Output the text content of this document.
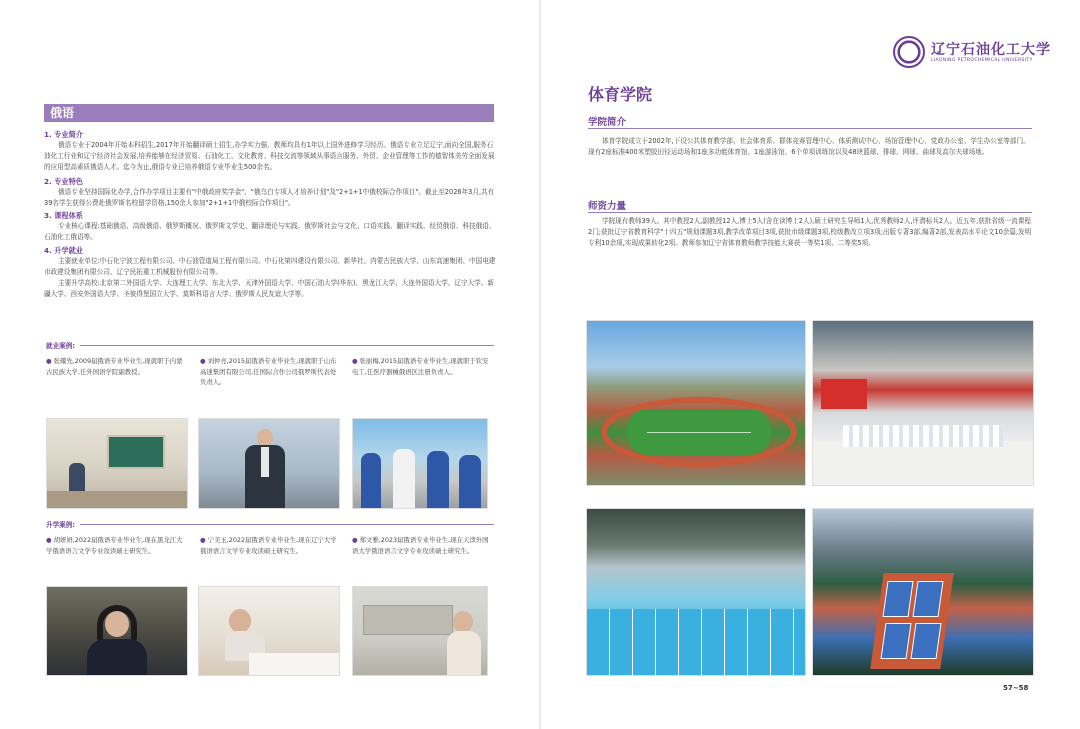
俄语
1. 专业简介
俄语专业于2004年开始本科招生,2017年开始翻译硕士招生,办学实力强、教师均具有1年以上国外进修学习经历。俄语专业立足辽宁,面向全国,服务石油化工行业和辽宁经济社会发展,培养能够在经济贸易、石油化工、文化教育、科技交流等领域从事语言服务、外贸、企业管理等工作的德智体美劳全面发展的应用型高素质俄语人才。迄今为止,俄语专业已培养俄语专业毕业生500余名。
2. 专业特色
俄语专业坚持国际化办学,合作办学项目主要有"中俄政府奖学金"、"俄乌白专项人才培养计划"及"2+1+1中俄校际合作项目"。截止至2026年3月,共有39名学生获得公费赴俄罗斯名校留学资格,150余人参加"2+1+1中俄校际合作项目"。
3. 课程体系
专业核心课程:基础俄语、高级俄语、俄罗斯概况、俄罗斯文学史、翻译理论与实践、俄罗斯社会与文化、口语实践、翻译实践、经贸俄语、科技俄语、石油化工俄语等。
4. 升学就业
主要就业单位:中石化宁波工程有限公司、中石油管道局工程有限公司、中石化第四建设有限公司、新华社、内蒙古民族大学、山东高速集团、中国电建市政建设集团有限公司、辽宁民拓重工机械股份有限公司等。
主要升学高校:北京第二外国语大学、大连理工大学、东北大学、天津外国语大学、中国石油大学(华东)、黑龙江大学、大连外国语大学、辽宁大学、新疆大学、西安外国语大学、圣彼得堡国立大学、莫斯科语言大学、俄罗斯人民友谊大学等。
就业案例:
● 张耀先,2009届俄语专业毕业生,现就职于内蒙古民族大学,任外国语学院副教授。
● 刘仲亮,2015届俄语专业毕业生,现就职于山东高速集团有限公司,任国际合作公司俄罗斯代表处负责人。
● 张丽梅,2015届俄语专业毕业生,现就职于钦安电工,任医疗器械俄语区注册负责人。
升学案例:
● 胡妍妍,2022届俄语专业毕业生,现在黑龙江大学俄语语言文学专业攻读硕士研究生。
● 宁美玉,2022届俄语专业毕业生,现在辽宁大学俄语语言文学专业攻读硕士研究生。
● 郑文雅,2023届俄语专业毕业生,现在天津外国语大学俄语语言文学专业攻读硕士研究生。
辽宁石油化工大学
LIAONING PETROCHEMICAL UNIVERSITY
体育学院
学院简介
体育学院成立于2002年,下设公共体育教学部、社会体育系、群体竞赛管理中心、体质测试中心、场馆管理中心、党政办公室、学生办公室等部门。现有2座标准400米塑胶田径运动场和1座多功能体育馆、1座游泳馆、6个单项训练馆以及48块篮球、排球、网球、曲球及高尔夫球场地。
师资力量
学院现有教师39人。其中教授2人,副教授12人,博士5人(含在读博士2人),硕士研究生导师1人,优秀教师2人,评潜标兵2人。近五年,获批省级一流课程2门;获批辽宁省教育科学"十四五"规划课题3项,教学改革项目3项,获批市级课题3项,校级教改立项3项;出版专著3部,编著2部,发表高水平论文10余篇,发明专利10余项,实现成果转化2项。教师参加辽宁省体育教师教学技能大赛获一等奖1项、二等奖5项。
57~58
